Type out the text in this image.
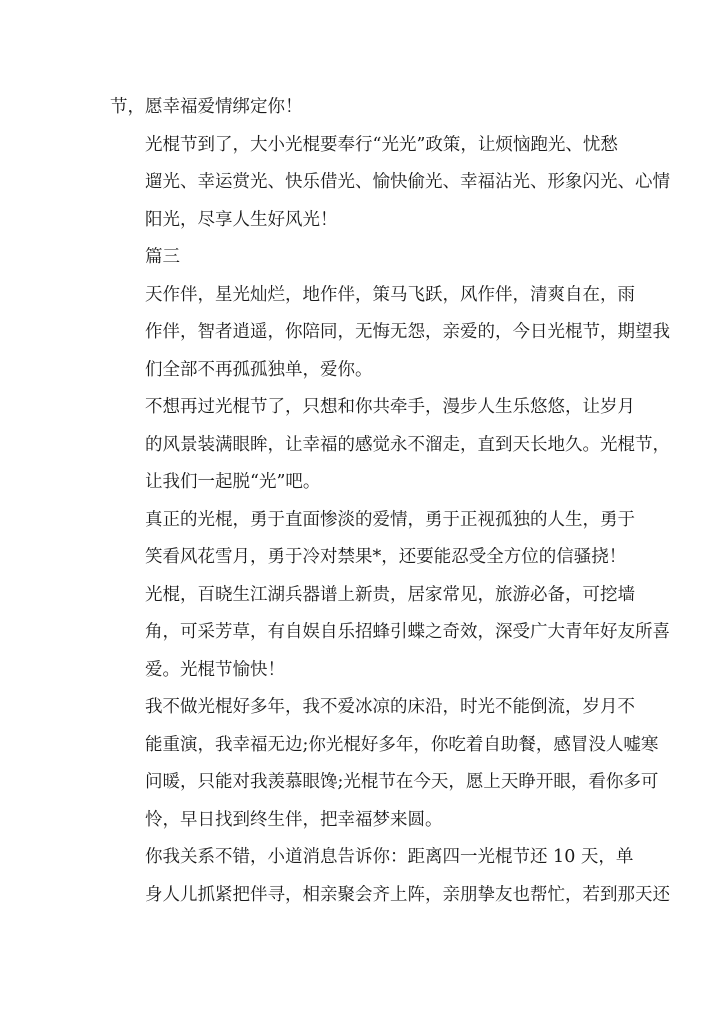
节，愿幸福爱情绑定你！

光棍节到了，大小光棍要奉行“光光”政策，让烦恼跑光、忧愁
遛光、幸运赏光、快乐借光、愉快偷光、幸福沾光、形象闪光、心情
阳光，尽享人生好风光！

篇三

天作伴，星光灿烂，地作伴，策马飞跃，风作伴，清爽自在，雨
作伴，智者逍遥，你陪同，无悔无怨，亲爱的，今日光棍节，期望我
们全部不再孤孤独单，爱你。

不想再过光棍节了，只想和你共牵手，漫步人生乐悠悠，让岁月
的风景装满眼眸，让幸福的感觉永不溜走，直到天长地久。光棍节，
让我们一起脱“光”吧。

真正的光棍，勇于直面惨淡的爱情，勇于正视孤独的人生，勇于
笑看风花雪月，勇于冷对禁果*，还要能忍受全方位的信骚挠！

光棍，百晓生江湖兵器谱上新贵，居家常见，旅游必备，可挖墙
角，可采芳草，有自娱自乐招蜂引蝶之奇效，深受广大青年好友所喜
爱。光棍节愉快！

我不做光棍好多年，我不爱冰凉的床沿，时光不能倒流，岁月不
能重演，我幸福无边;你光棍好多年，你吃着自助餐，感冒没人嘘寒
问暖，只能对我羡慕眼馋;光棍节在今天，愿上天睁开眼，看你多可
怜，早日找到终生伴，把幸福梦来圆。

你我关系不错，小道消息告诉你：距离四一光棍节还 10 天，单
身人儿抓紧把伴寻，相亲聚会齐上阵，亲朋挚友也帮忙，若到那天还
